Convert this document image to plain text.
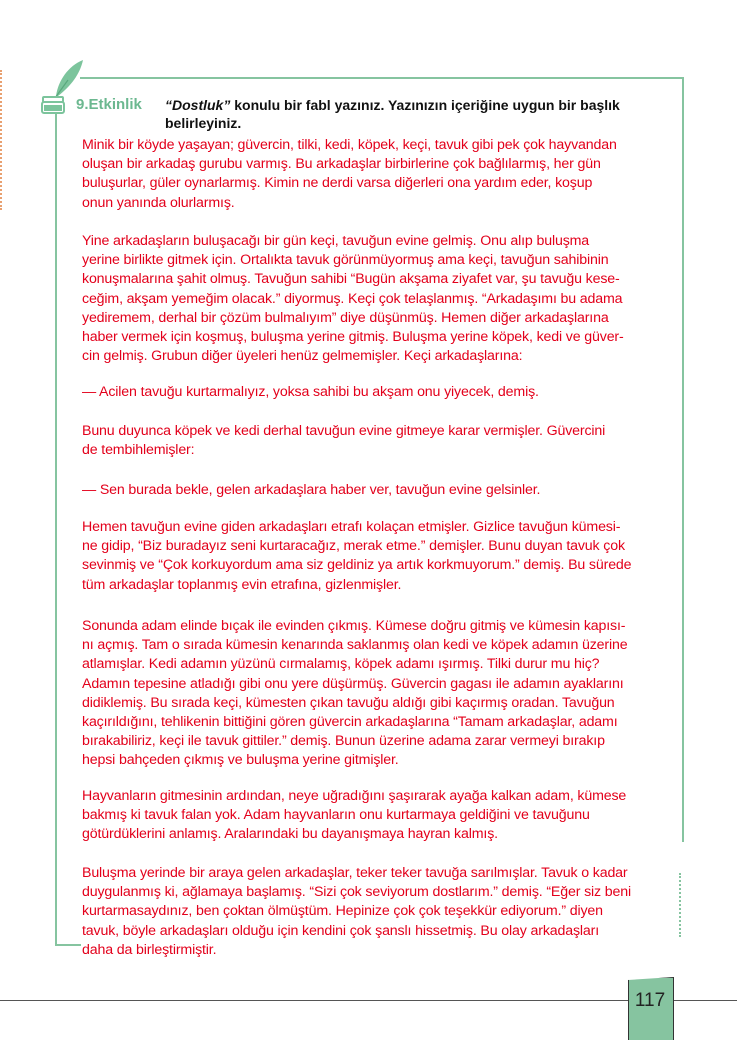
9.Etkinlik “Dostluk” konulu bir fabl yazınız. Yazınızın içeriğine uygun bir başlık belirleyiniz.
Minik bir köyde yaşayan; güvercin, tilki, kedi, köpek, keçi, tavuk gibi pek çok hayvandan
oluşan bir arkadaş gurubu varmış. Bu arkadaşlar birbirlerine çok bağlılarmış, her gün
buluşurlar, güler oynarlarmış. Kimin ne derdi varsa diğerleri ona yardım eder, koşup
onun yanında olurlarmış.
Yine arkadaşların buluşacağı bir gün keçi, tavuğun evine gelmiş. Onu alıp buluşma
yerine birlikte gitmek için. Ortalıkta tavuk görünmüyormuş ama keçi, tavuğun sahibinin
konuşmalarına şahit olmuş. Tavuğun sahibi “Bugün akşama ziyafet var, şu tavuğu kese-
ceğim, akşam yemeğim olacak.” diyormuş. Keçi çok telaşlanmış. “Arkadaşımı bu adama
yediremem, derhal bir çözüm bulmalıyım” diye düşünmüş. Hemen diğer arkadaşlarına
haber vermek için koşmuş, buluşma yerine gitmiş. Buluşma yerine köpek, kedi ve güver-
cin gelmiş. Grubun diğer üyeleri henüz gelmemişler. Keçi arkadaşlarına:
— Acilen tavuğu kurtarmalıyız, yoksa sahibi bu akşam onu yiyecek, demiş.
Bunu duyunca köpek ve kedi derhal tavuğun evine gitmeye karar vermişler. Güvercini
de tembihlemişler:
— Sen burada bekle, gelen arkadaşlara haber ver, tavuğun evine gelsinler.
Hemen tavuğun evine giden arkadaşları etrafı kolaçan etmişler. Gizlice tavuğun kümesi-
ne gidip, “Biz buradayız seni kurtaracağız, merak etme.” demişler. Bunu duyan tavuk çok
sevinmiş ve “Çok korkuyordum ama siz geldiniz ya artık korkmuyorum.” demiş. Bu sürede
tüm arkadaşlar toplanmış evin etrafına, gizlenmişler.
Sonunda adam elinde bıçak ile evinden çıkmış. Kümese doğru gitmiş ve kümesin kapısı-
nı açmış. Tam o sırada kümesin kenarında saklanmış olan kedi ve köpek adamın üzerine
atlamışlar. Kedi adamın yüzünü cırmalamış, köpek adamı ışırmış. Tilki durur mu hiç?
Adamın tepesine atladığı gibi onu yere düşürmüş. Güvercin gagası ile adamın ayaklarını
didiklemiş. Bu sırada keçi, kümesten çıkan tavuğu aldığı gibi kaçırmış oradan. Tavuğun
kaçırıldığını, tehlikenin bittiğini gören güvercin arkadaşlarına “Tamam arkadaşlar, adamı
bırakabiliriz, keçi ile tavuk gittiler.” demiş. Bunun üzerine adama zarar vermeyi bırakıp
hepsi bahçeden çıkmış ve buluşma yerine gitmişler.
Hayvanların gitmesinin ardından, neye uğradığını şaşırarak ayağa kalkan adam, kümese
bakmış ki tavuk falan yok. Adam hayvanların onu kurtarmaya geldiğini ve tavuğunu
götürdüklerini anlamış. Aralarındaki bu dayanışmaya hayran kalmış.
Buluşma yerinde bir araya gelen arkadaşlar, teker teker tavuğa sarılmışlar. Tavuk o kadar
duygulanmış ki, ağlamaya başlamış. “Sizi çok seviyorum dostlarım.” demiş. “Eğer siz beni
kurtarmasaydınız, ben çoktan ölmüştüm. Hepinize çok çok teşekkür ediyorum.” diyen
tavuk, böyle arkadaşları olduğu için kendini çok şanslı hissetmiş. Bu olay arkadaşları
daha da birleştirmiştir.
117
